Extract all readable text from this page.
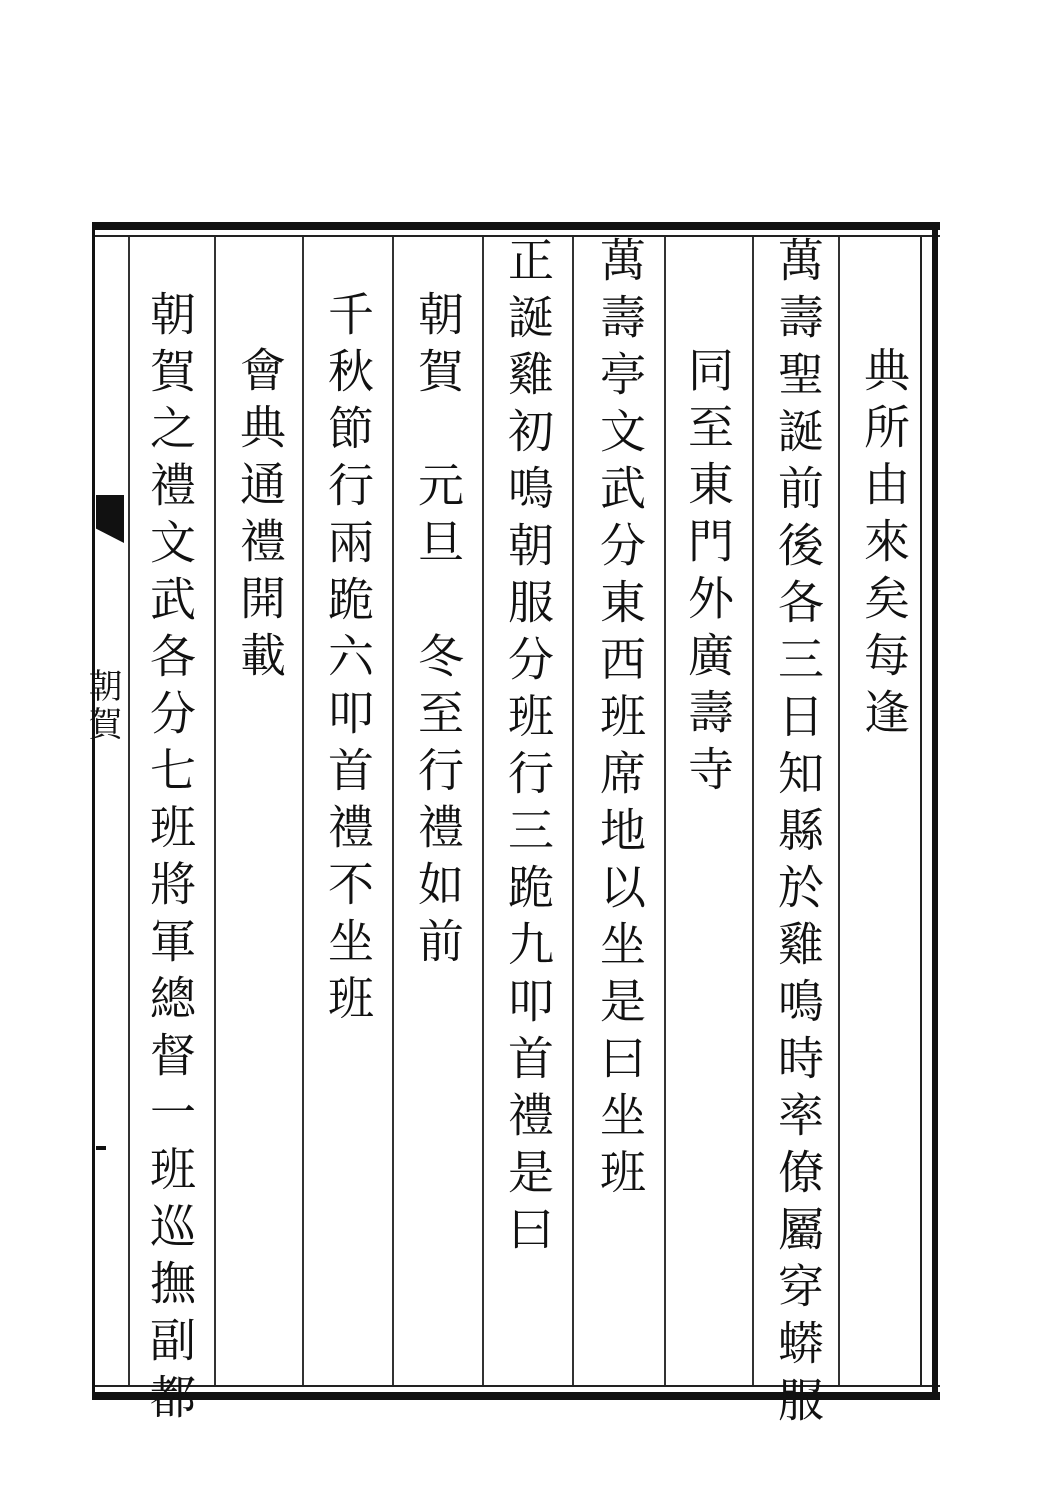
朝賀	典所由來矣每逢
萬壽聖誕前後各三日知縣於雞鳴時率僚屬穿蟒服
同至東門外廣壽寺
萬壽亭文武分東西班席地以坐是曰坐班
正誕雞初鳴朝服分班行三跪九叩首禮是曰
朝賀　元旦　冬至行禮如前
千秋節行兩跪六叩首禮不坐班
會典通禮開載
朝賀之禮文武各分七班將軍總督一班巡撫副都
